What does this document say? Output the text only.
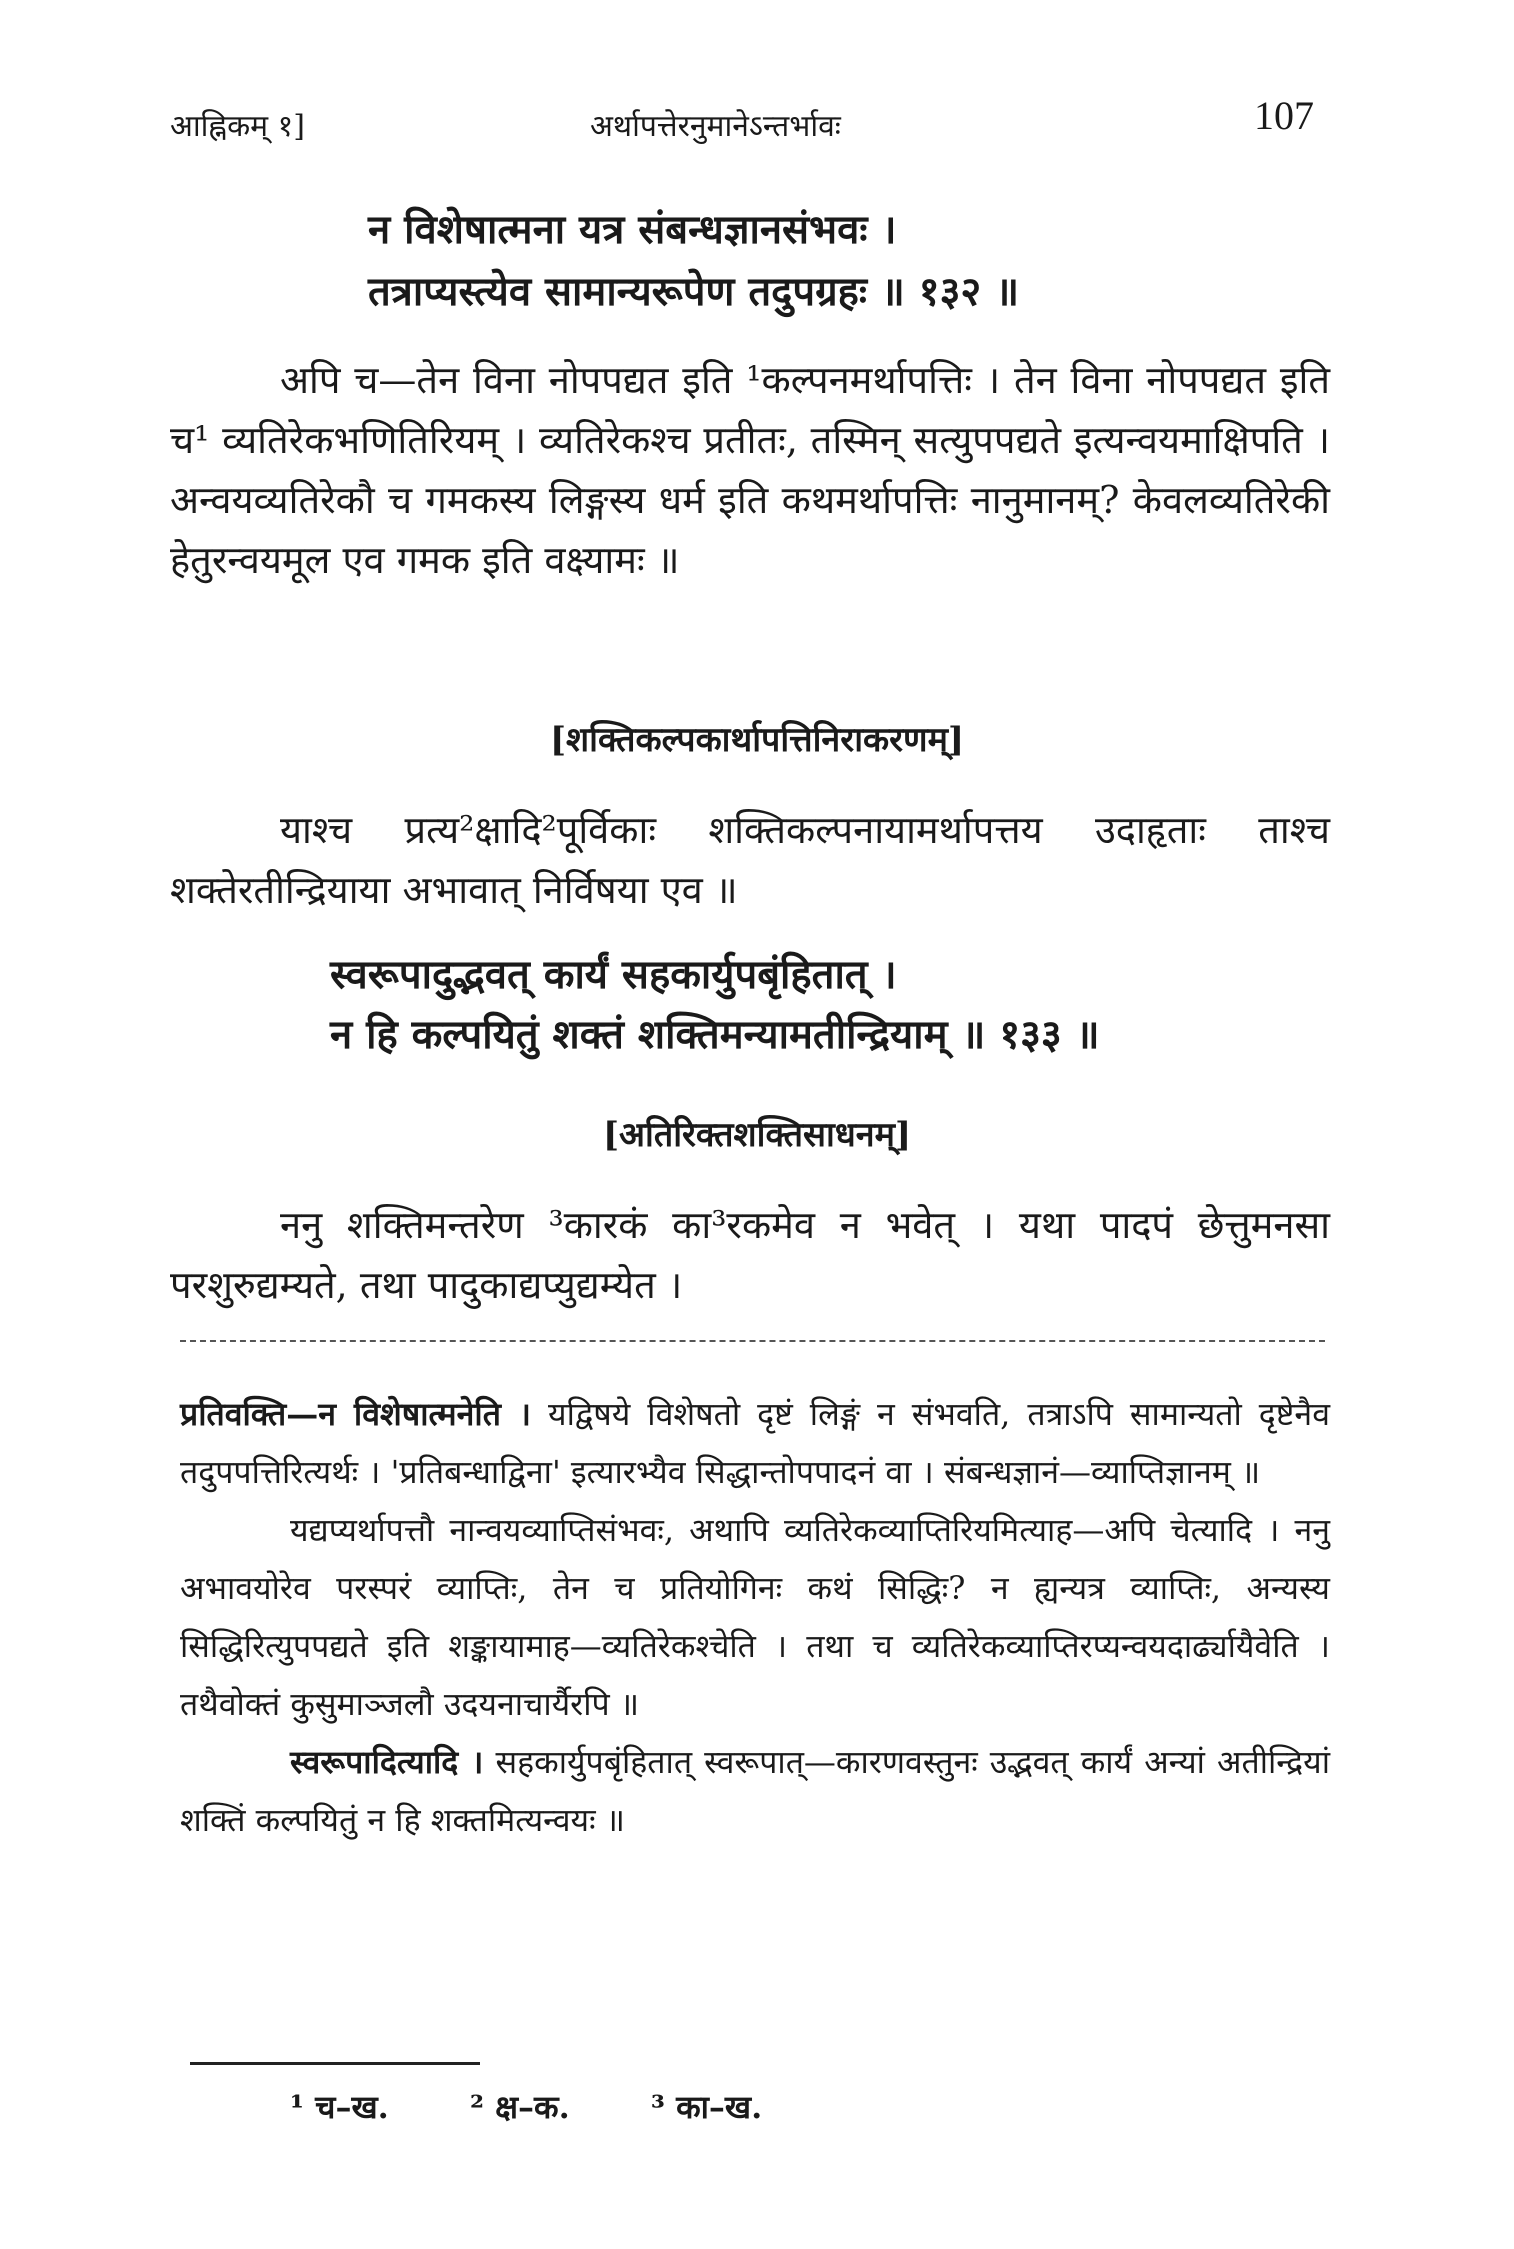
आह्निकम् १]	अर्थापत्तेरनुमानेऽन्तर्भावः	107
न विशेषात्मना यत्र संबन्धज्ञानसंभवः ।
तत्राप्यस्त्येव सामान्यरूपेण तदुपग्रहः ॥ १३२ ॥

अपि च—तेन विना नोपपद्यत इति ¹कल्पनमर्थापत्तिः । तेन विना नोपपद्यत इति च¹ व्यतिरेकभणितिरियम् । व्यतिरेकश्च प्रतीतः, तस्मिन् सत्युपपद्यते इत्यन्वयमाक्षिपति । अन्वयव्यतिरेकौ च गमकस्य लिङ्गस्य धर्म इति कथमर्थापत्तिः नानुमानम्? केवलव्यतिरेकी हेतुरन्वयमूल एव गमक इति वक्ष्यामः ॥

[शक्तिकल्पकार्थापत्तिनिराकरणम्]

याश्च प्रत्य²क्षादि²पूर्विकाः शक्तिकल्पनायामर्थापत्तय उदाहृताः ताश्च शक्तेरतीन्द्रियाया अभावात् निर्विषया एव ॥

स्वरूपादुद्भवत् कार्यं सहकार्युपबृंहितात् ।
न हि कल्पयितुं शक्तं शक्तिमन्यामतीन्द्रियाम् ॥ १३३ ॥
[अतिरिक्तशक्तिसाधनम्]

ननु शक्तिमन्तरेण ³कारकं का³रकमेव न भवेत् । यथा पादपं छेत्तुमनसा परशुरुद्यम्यते, तथा पादुकाद्यप्युद्यम्येत ।

प्रतिवक्ति—न विशेषात्मनेति । यद्विषये विशेषतो दृष्टं लिङ्गं न संभवति, तत्राऽपि सामान्यतो दृष्टेनैव तदुपपत्तिरित्यर्थः । 'प्रतिबन्धाद्विना' इत्यारभ्यैव सिद्धान्तोपपादनं वा । संबन्धज्ञानं—व्याप्तिज्ञानम् ॥

यद्यप्यर्थापत्तौ नान्वयव्याप्तिसंभवः, अथापि व्यतिरेकव्याप्तिरियमित्याह—अपि चेत्यादि । ननु अभावयोरेव परस्परं व्याप्तिः, तेन च प्रतियोगिनः कथं सिद्धिः? न ह्यन्यत्र व्याप्तिः, अन्यस्य सिद्धिरित्युपपद्यते इति शङ्कायामाह—व्यतिरेकश्चेति । तथा च व्यतिरेकव्याप्तिरप्यन्वयदार्ढ्यायैवेति । तथैवोक्तं कुसुमाञ्जलौ उदयनाचार्यैरपि ॥

स्वरूपादित्यादि । सहकार्युपबृंहितात् स्वरूपात्—कारणवस्तुनः उद्भवत् कार्यं अन्यां अतीन्द्रियां शक्तिं कल्पयितुं न हि शक्तमित्यन्वयः ॥

¹ च–ख.	² क्ष–क.	³ का–ख.
